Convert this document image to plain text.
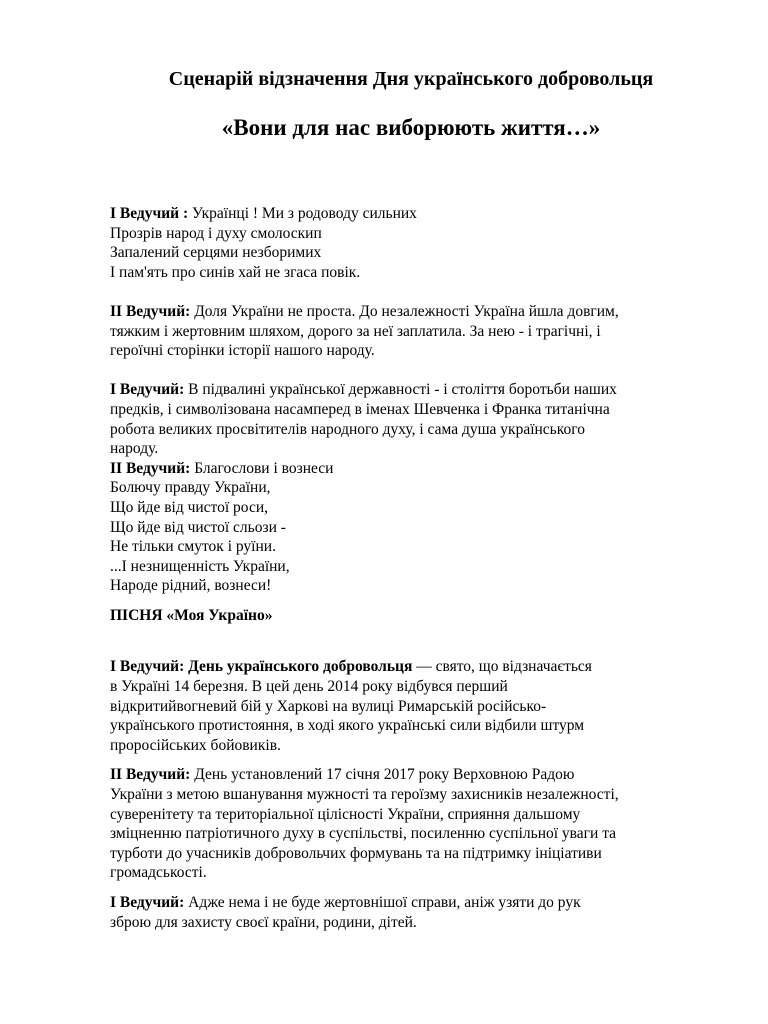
Сценарій відзначення Дня українського добровольця
«Вони для нас виборюють життя…»
І Ведучий : Українці ! Ми з родоводу сильних
Прозрів народ і духу смолоскип
Запалений серцями незборимих
І пам'ять про синів хай не згаса повік.
ІІ Ведучий: Доля України не проста. До незалежності Україна йшла довгим,
тяжким і жертовним шляхом, дорого за неї заплатила. За нею - і трагічні, і
героїчні сторінки історії нашого народу.
І Ведучий: В підвалині української державності - і століття боротьби наших
предків, і символізована насамперед в іменах Шевченка і Франка титанічна
робота великих просвітителів народного духу, і сама душа українського
народу.
ІІ Ведучий: Благослови і вознеси
Болючу правду України,
Що йде від чистої роси,
Що йде від чистої сльози -
Не тільки смуток і руїни.
...І незнищенність України,
Народе рідний, вознеси!
ПІСНЯ «Моя Україно»
І Ведучий: День українського добровольця — свято, що відзначається
в Україні 14 березня. В цей день 2014 року відбувся перший
відкритийвогневий бій у Харкові на вулиці Римарській російсько-
українського протистояння, в ході якого українські сили відбили штурм
проросійських бойовиків.
ІІ Ведучий: День установлений 17 січня 2017 року Верховною Радою
України з метою вшанування мужності та героїзму захисників незалежності,
суверенітету та територіальної цілісності України, сприяння дальшому
зміцненню патріотичного духу в суспільстві, посиленню суспільної уваги та
турботи до учасників добровольчих формувань та на підтримку ініціативи
громадськості.
І Ведучий: Адже нема і не буде жертовнішої справи, аніж узяти до рук
зброю для захисту своєї країни, родини, дітей.
